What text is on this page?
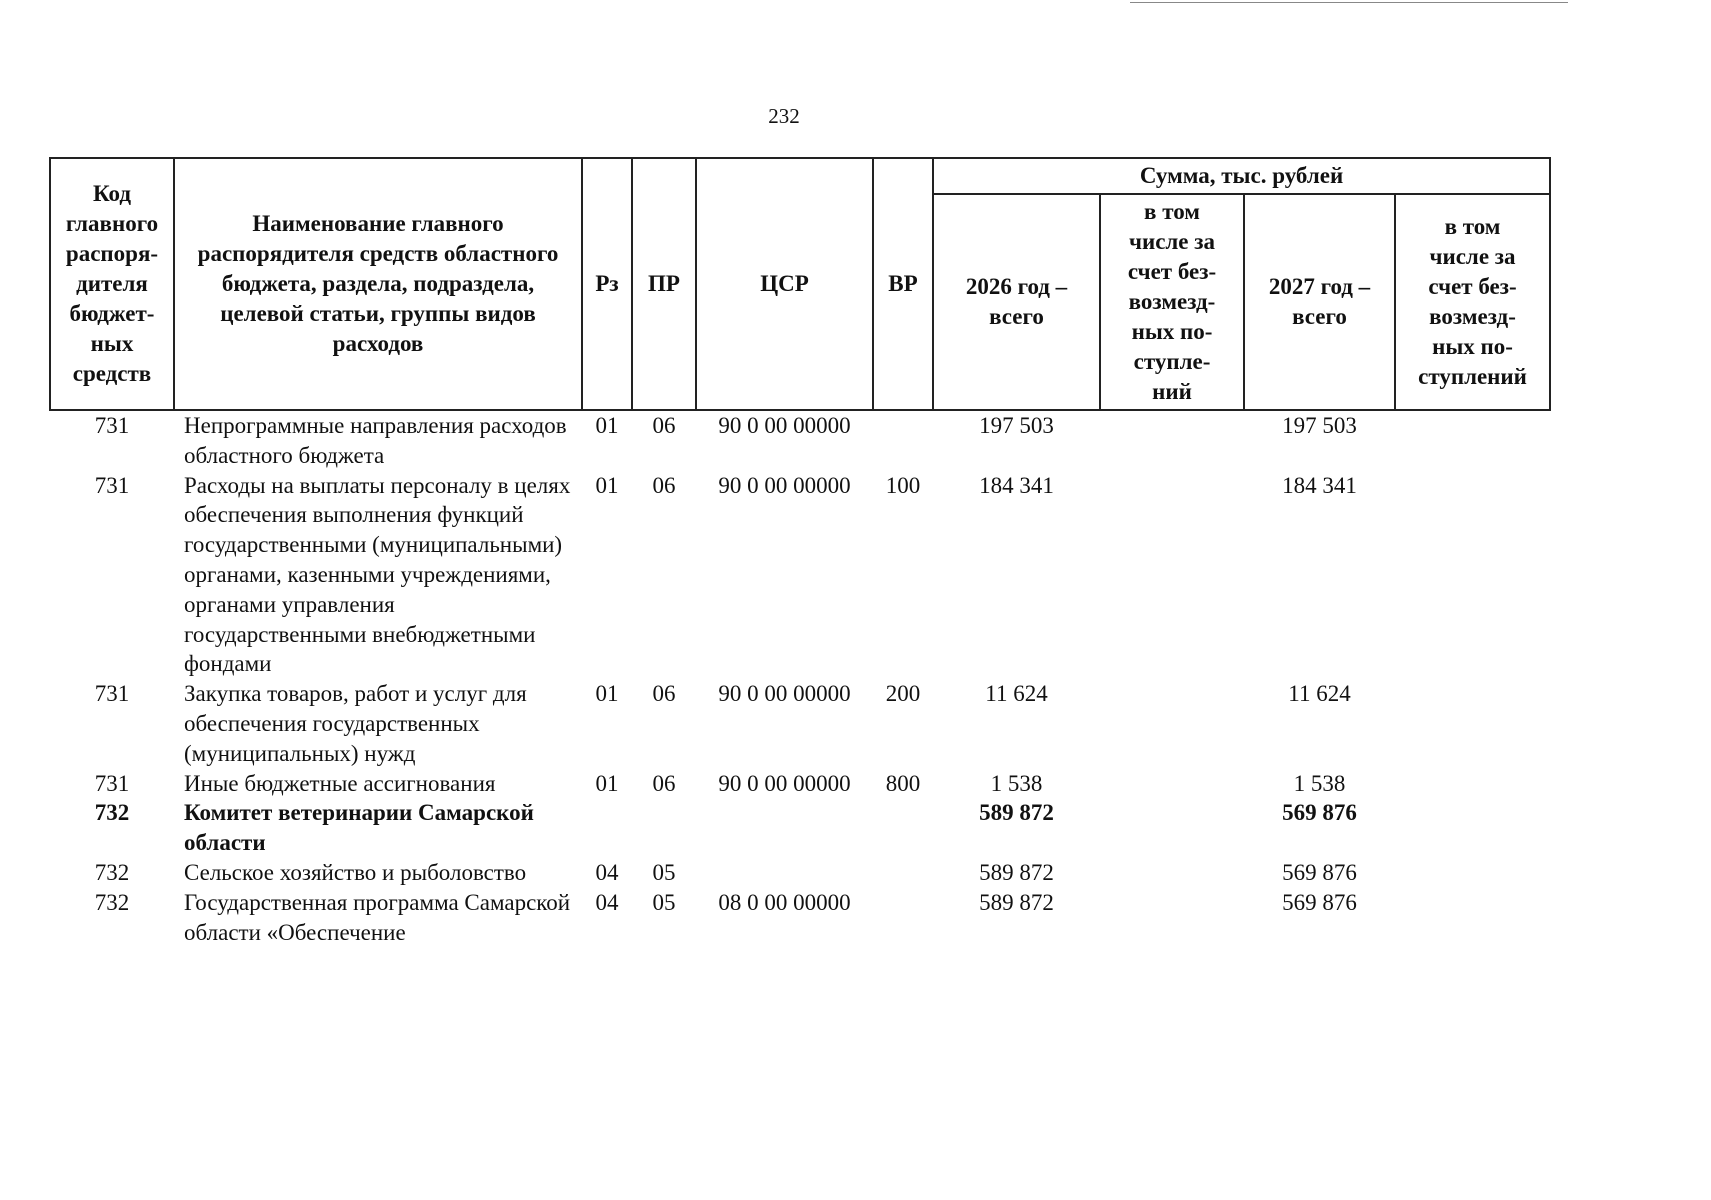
232
Код главного распоря-дителя бюджет-ных средств	Наименование главного распорядителя средств областного бюджета, раздела, подраздела, целевой статьи, группы видов расходов	Рз	ПР	ЦСР	ВР	Сумма, тыс. рублей			
						2026 год – всего	в том числе за счет без-возмезд-ных по-ступле-ний	2027 год – всего	в том числе за счет без-возмезд-ных по-ступлений
731	Непрограммные направления расходов областного бюджета	01	06	90 0 00 00000		197 503		197 503	
731	Расходы на выплаты персоналу в целях обеспечения выполнения функций государственными (муниципальными) органами, казенными учреждениями, органами управления государственными внебюджетными фондами	01	06	90 0 00 00000	100	184 341		184 341	
731	Закупка товаров, работ и услуг для обеспечения государственных (муниципальных) нужд	01	06	90 0 00 00000	200	11 624		11 624	
731	Иные бюджетные ассигнования	01	06	90 0 00 00000	800	1 538		1 538	
732	Комитет ветеринарии Самарской области					589 872		569 876	
732	Сельское хозяйство и рыболовство	04	05			589 872		569 876	
732	Государственная программа Самарской области «Обеспечение	04	05	08 0 00 00000		589 872		569 876	
